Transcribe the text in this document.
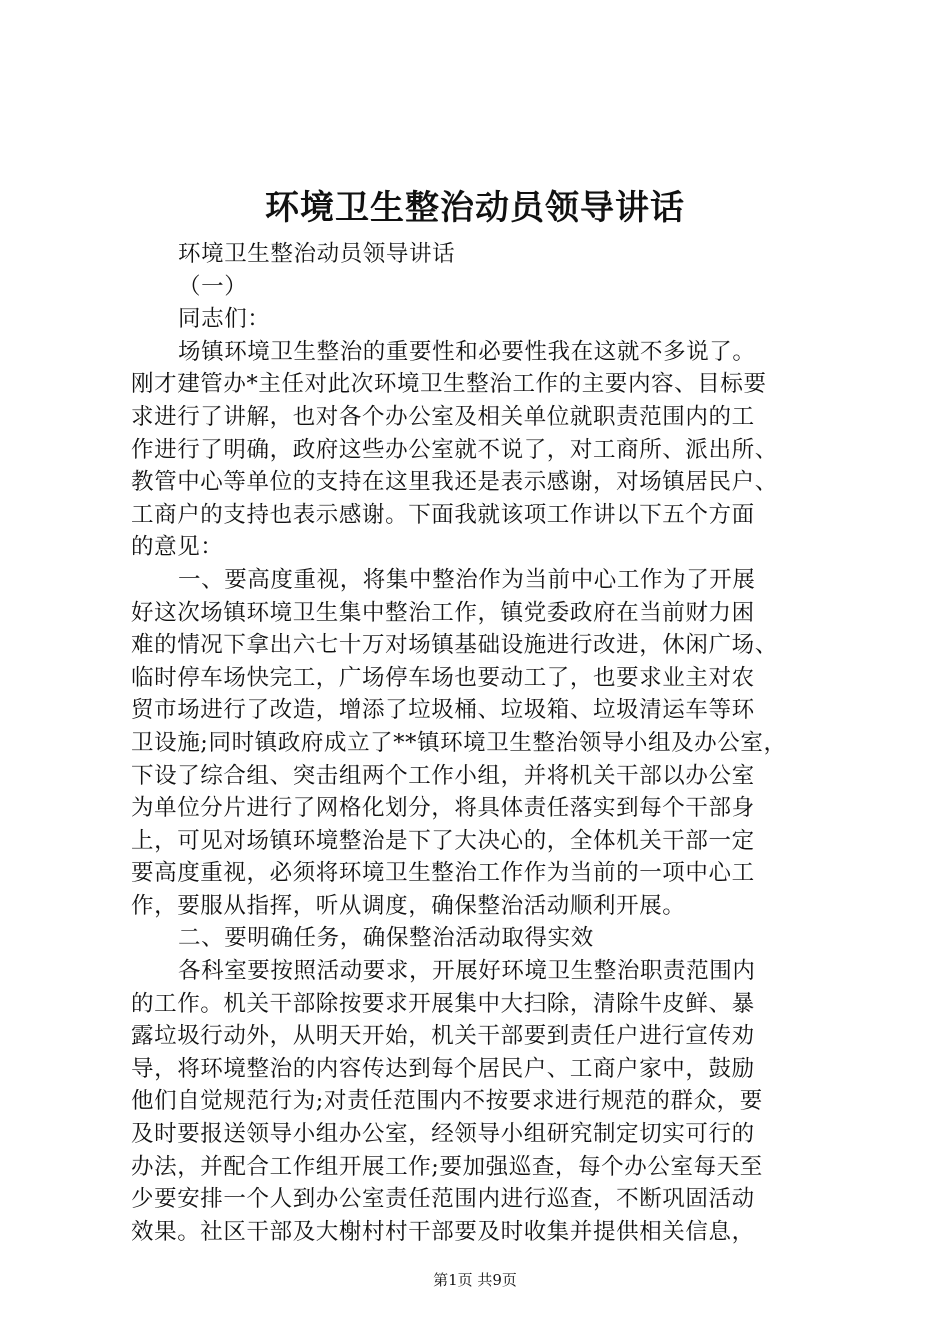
环境卫生整治动员领导讲话
环境卫生整治动员领导讲话
（一）
同志们：
场镇环境卫生整治的重要性和必要性我在这就不多说了。
刚才建管办*主任对此次环境卫生整治工作的主要内容、目标要
求进行了讲解，也对各个办公室及相关单位就职责范围内的工
作进行了明确，政府这些办公室就不说了，对工商所、派出所、
教管中心等单位的支持在这里我还是表示感谢，对场镇居民户、
工商户的支持也表示感谢。下面我就该项工作讲以下五个方面
的意见：
一、要高度重视，将集中整治作为当前中心工作为了开展
好这次场镇环境卫生集中整治工作，镇党委政府在当前财力困
难的情况下拿出六七十万对场镇基础设施进行改进，休闲广场、
临时停车场快完工，广场停车场也要动工了，也要求业主对农
贸市场进行了改造，增添了垃圾桶、垃圾箱、垃圾清运车等环
卫设施;同时镇政府成立了**镇环境卫生整治领导小组及办公室，
下设了综合组、突击组两个工作小组，并将机关干部以办公室
为单位分片进行了网格化划分，将具体责任落实到每个干部身
上，可见对场镇环境整治是下了大决心的，全体机关干部一定
要高度重视，必须将环境卫生整治工作作为当前的一项中心工
作，要服从指挥，听从调度，确保整治活动顺利开展。
二、要明确任务，确保整治活动取得实效
各科室要按照活动要求，开展好环境卫生整治职责范围内
的工作。机关干部除按要求开展集中大扫除，清除牛皮鲜、暴
露垃圾行动外，从明天开始，机关干部要到责任户进行宣传劝
导，将环境整治的内容传达到每个居民户、工商户家中，鼓励
他们自觉规范行为;对责任范围内不按要求进行规范的群众，要
及时要报送领导小组办公室，经领导小组研究制定切实可行的
办法，并配合工作组开展工作;要加强巡查，每个办公室每天至
少要安排一个人到办公室责任范围内进行巡查，不断巩固活动
效果。社区干部及大榭村村干部要及时收集并提供相关信息，
第1页 共9页
